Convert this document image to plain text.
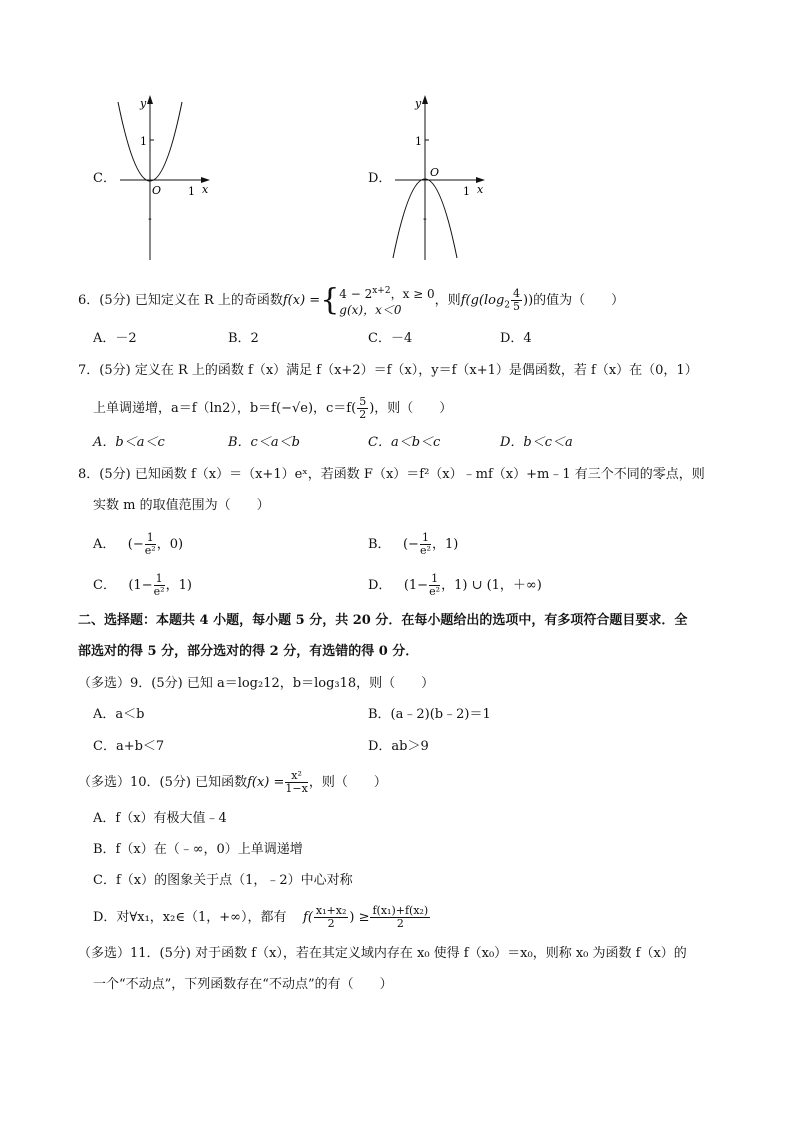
C．
y
x
1
1
O
-
D．
y
x
1
1
O
-
6．(5分) 已知定义在 R 上的奇函数f(x) ={ $4 - 2^{x+2}$，x ≥ 0
g(x)，x＜0
，则$f(g(\log_2 \frac{4}{5}$ ))的值为（　　）
A．－2	B．2	C．－4	D．4
7．(5分) 定义在 R 上的函数 f（x）满足 f（x+2）＝f（x），y＝f（x+1）是偶函数，若 f（x）在（0，1）
上单调递增，a＝f（ln2），b＝f(−√e)，$c=f( \frac{5}{2}$ )，则（　　）
A．b＜a＜c	B．c＜a＜b	C．a＜b＜c	D．b＜c＜a
8．(5分) 已知函数 f（x）＝（x+1）eˣ，若函数 F（x）＝f²（x）﹣mf（x）+m﹣1 有三个不同的零点，则
实数 m 的取值范围为（　　）
A． (− $\frac{1}{\text{e²}}$ ，0)	B． (− $\frac{1}{\text{e²}}$ ，1)
C． ($1- \frac{1}{\text{e²}}$ ，1)	D． ($1- \frac{1}{\text{e²}}$ ，1) ∪ (1，＋∞)
二、选择题：本题共 4 小题，每小题 5 分，共 20 分．在每小题给出的选项中，有多项符合题目要求．全
部选对的得 5 分，部分选对的得 2 分，有选错的得 0 分．
（多选）9．(5分) 已知 a＝log₂12，b＝log₃18，则（　　）
A．a＜b	B．(a﹣2)(b﹣2)＝1
C．a+b＜7	D．ab＞9
（多选）10．(5分) 已知函数$f(x) = \frac{\text{x²}}{1-x}$ ，则（　　）
A．f（x）有极大值﹣4
B．f（x）在（﹣∞，0）上单调递增
C．f（x）的图象关于点（1，﹣2）中心对称
D．对∀x₁，x₂∈（1，+∞），都有 $f( \frac{\text{x₁+x₂}}{2}$ ) ≥ $\frac{\text{f(x₁)+f(x₂)}}{2}$
（多选）11．(5分) 对于函数 f（x），若在其定义域内存在 x₀ 使得 f（x₀）＝x₀，则称 x₀ 为函数 f（x）的
一个“不动点”，下列函数存在“不动点”的有（　　）
